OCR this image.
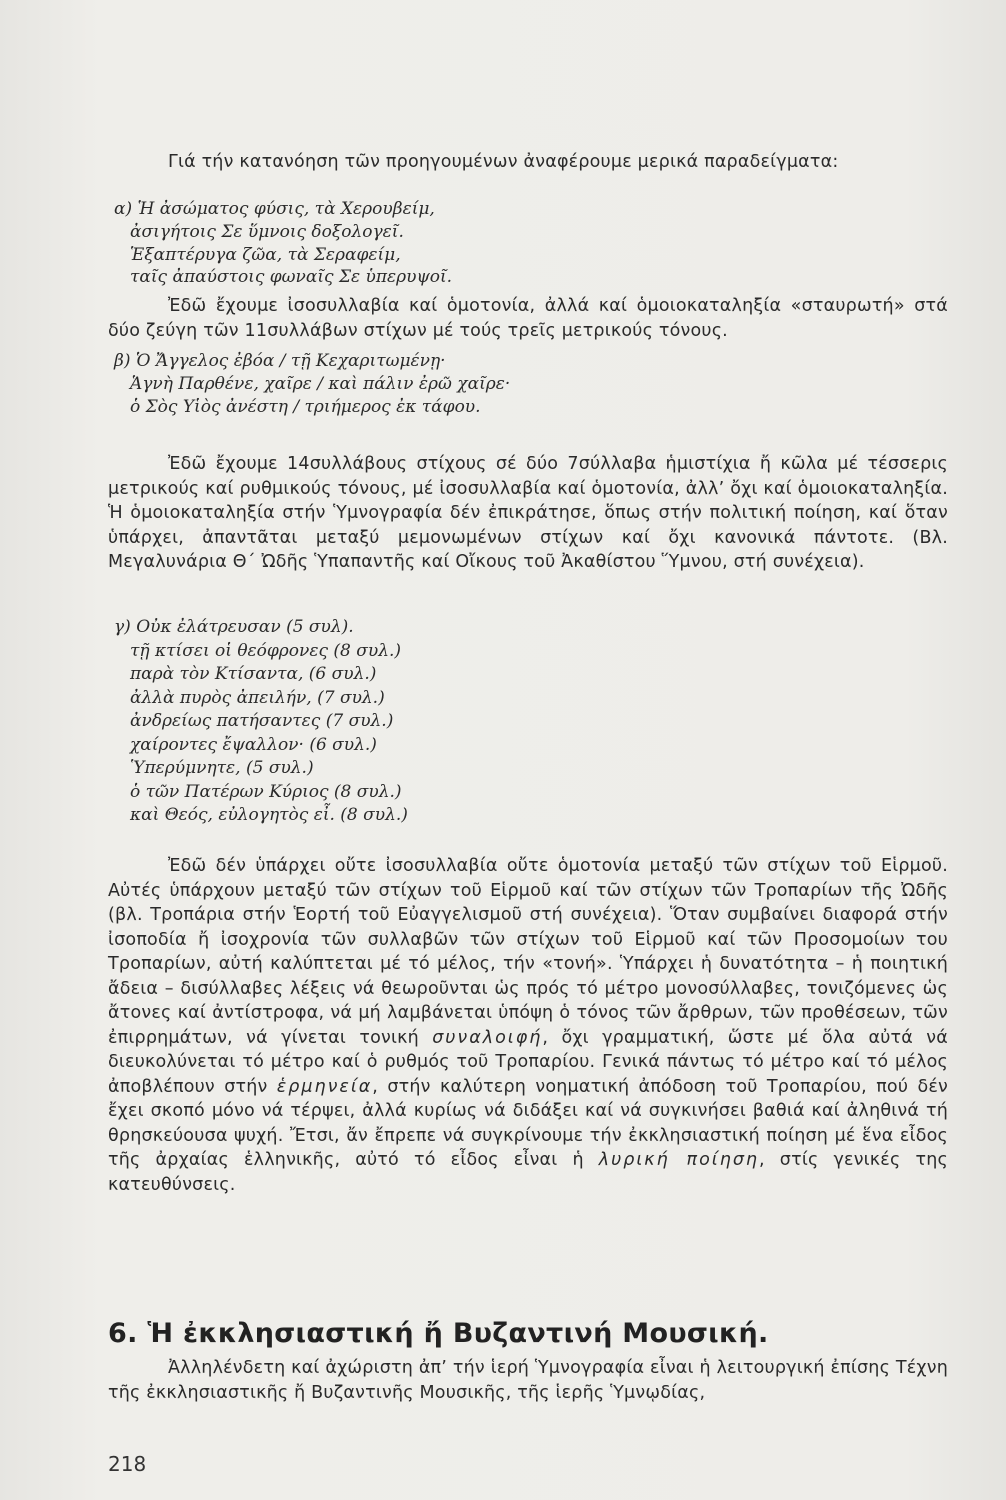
Γιά τήν κατανόηση τῶν προηγουμένων ἀναφέρουμε μερικά παραδείγματα:

α) Ἡ ἀσώματος φύσις, τὰ Χερουβείμ,

ἀσιγήτοις Σε ὕμνοις δοξολογεῖ.

Ἑξαπτέρυγα ζῶα, τὰ Σεραφείμ,

ταῖς ἀπαύστοις φωναῖς Σε ὑπερυψοῖ.

Ἐδῶ ἔχουμε ἰσοσυλλαβία καί ὁμοτονία, ἀλλά καί ὁμοιοκαταληξία «σταυρωτή» στά δύο ζεύγη τῶν 11συλλάβων στίχων μέ τούς τρεῖς μετρικούς τόνους.

β) Ὁ Ἄγγελος ἐβόα / τῇ Κεχαριτωμένῃ·

Ἁγνὴ Παρθένε, χαῖρε / καὶ πάλιν ἐρῶ χαῖρε·

ὁ Σὸς Υἱὸς ἀνέστη / τριήμερος ἐκ τάφου.

Ἐδῶ ἔχουμε 14συλλάβους στίχους σέ δύο 7σύλλαβα ἡμιστίχια ἤ κῶλα μέ τέσσερις μετρικούς καί ρυθμικούς τόνους, μέ ἰσοσυλλαβία καί ὁμοτονία, ἀλλ’ ὄχι καί ὁμοιοκαταληξία. Ἡ ὁμοιοκαταληξία στήν Ὑμνογραφία δέν ἐπικράτησε, ὅπως στήν πολιτική ποίηση, καί ὅταν ὑπάρχει, ἀπαντᾶται μεταξύ μεμονωμένων στίχων καί ὄχι κανονικά πάντοτε. (Βλ. Μεγαλυνάρια Θ΄ Ὠδῆς Ὑπαπαντῆς καί Οἴκους τοῦ Ἀκαθίστου Ὕμνου, στή συνέχεια).

γ) Οὐκ ἐλάτρευσαν (5 συλ).

τῇ κτίσει οἱ θεόφρονες (8 συλ.)

παρὰ τὸν Κτίσαντα, (6 συλ.)

ἀλλὰ πυρὸς ἀπειλήν, (7 συλ.)

ἀνδρείως πατήσαντες (7 συλ.)

χαίροντες ἔψαλλον· (6 συλ.)

Ὑπερύμνητε, (5 συλ.)

ὁ τῶν Πατέρων Κύριος (8 συλ.)

καὶ Θεός, εὐλογητὸς εἶ. (8 συλ.)

Ἐδῶ δέν ὑπάρχει οὔτε ἰσοσυλλαβία οὔτε ὁμοτονία μεταξύ τῶν στίχων τοῦ Εἱρμοῦ. Αὐτές ὑπάρχουν μεταξύ τῶν στίχων τοῦ Εἱρμοῦ καί τῶν στίχων τῶν Τροπαρίων τῆς Ὠδῆς (βλ. Τροπάρια στήν Ἑορτή τοῦ Εὐαγγελισμοῦ στή συνέχεια). Ὅταν συμβαίνει διαφορά στήν ἰσοποδία ἤ ἰσοχρονία τῶν συλλαβῶν τῶν στίχων τοῦ Εἱρμοῦ καί τῶν Προσομοίων του Τροπαρίων, αὐτή καλύπτεται μέ τό μέλος, τήν «τονή». Ὑπάρχει ἡ δυνατότητα – ἡ ποιητική ἄδεια – δισύλλαβες λέξεις νά θεωροῦνται ὡς πρός τό μέτρο μονοσύλλαβες, τονιζόμενες ὡς ἄτονες καί ἀντίστροφα, νά μή λαμβάνεται ὑπόψη ὁ τόνος τῶν ἄρθρων, τῶν προθέσεων, τῶν ἐπιρρημάτων, νά γίνεται τονική συναλοιφή, ὄχι γραμματική, ὥστε μέ ὅλα αὐτά νά διευκολύνεται τό μέτρο καί ὁ ρυθμός τοῦ Τροπαρίου. Γενικά πάντως τό μέτρο καί τό μέλος ἀποβλέπουν στήν ἑρμηνεία, στήν καλύτερη νοηματική ἀπόδοση τοῦ Τροπαρίου, πού δέν ἔχει σκοπό μόνο νά τέρψει, ἀλλά κυρίως νά διδάξει καί νά συγκινήσει βαθιά καί ἀληθινά τή θρησκεύουσα ψυχή. Ἔτσι, ἄν ἔπρεπε νά συγκρίνουμε τήν ἐκκλησιαστική ποίηση μέ ἕνα εἶδος τῆς ἀρχαίας ἑλληνικῆς, αὐτό τό εἶδος εἶναι ἡ λυρική ποίηση, στίς γενικές της κατευθύνσεις.

6. Ἡ ἐκκλησιαστική ἤ Βυζαντινή Μουσική.

Ἀλληλένδετη καί ἀχώριστη ἀπ’ τήν ἱερή Ὑμνογραφία εἶναι ἡ λειτουργική ἐπίσης Τέχνη τῆς ἐκκλησιαστικῆς ἤ Βυζαντινῆς Μουσικῆς, τῆς ἱερῆς Ὑμνῳδίας,

218
